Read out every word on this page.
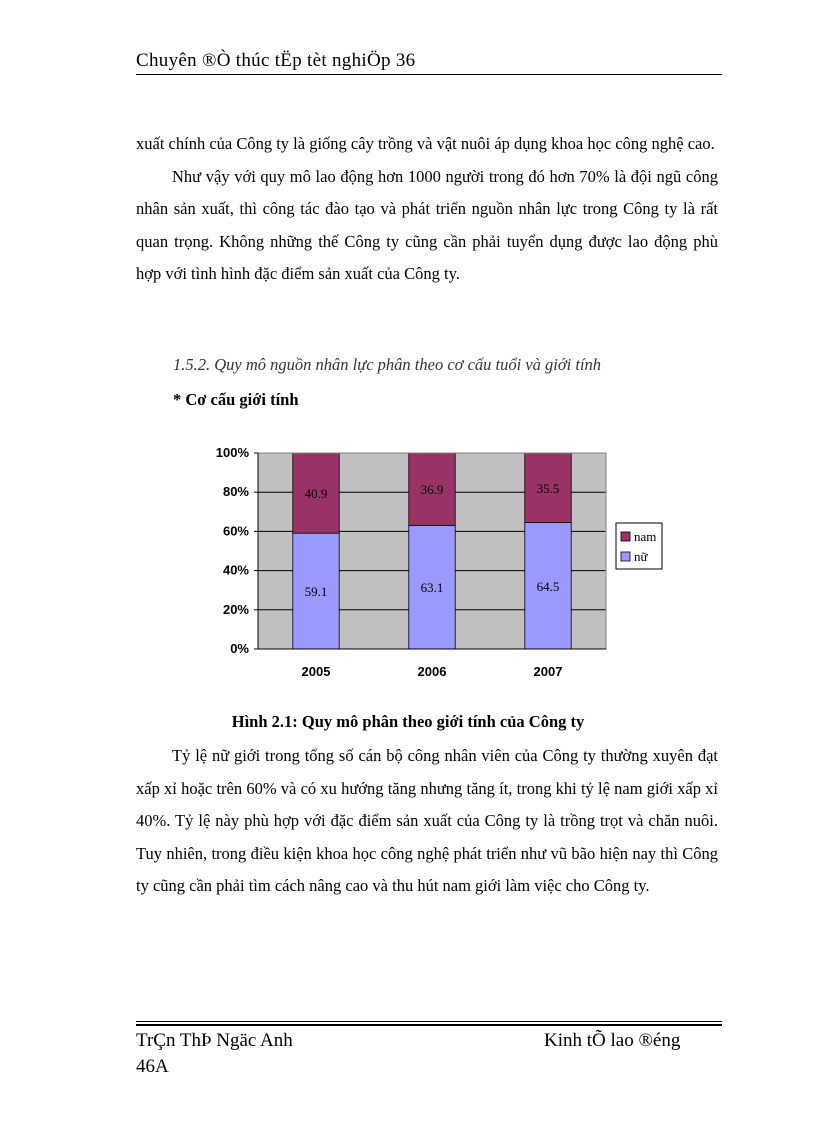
Chuyên ®Ò thúc tËp tèt nghiÖp 36

xuất chính của Công ty là giống cây trồng và vật nuôi áp dụng khoa học công nghệ cao.

Như vậy với quy mô lao động hơn 1000 người trong đó hơn 70% là đội ngũ công nhân sản xuất, thì công tác đào tạo và phát triển nguồn nhân lực trong Công ty là rất quan trọng. Không những thế Công ty cũng cần phải tuyển dụng được lao động phù hợp với tình hình đặc điểm sản xuất của Công ty.

1.5.2. Quy mô nguồn nhân lực phân theo cơ cấu tuổi và giới tính
* Cơ cấu giới tính
59.1
40.9
63.1
36.9
64.5
35.5
0%
20%
40%
60%
80%
100%
2005	2006	2007
nam
nữ
Hình 2.1: Quy mô phân theo giới tính của Công ty

Tỷ lệ nữ giới trong tổng số cán bộ công nhân viên của Công ty thường xuyên đạt xấp xỉ hoặc trên 60% và có xu hướng tăng nhưng tăng ít, trong khi tỷ lệ nam giới xấp xỉ 40%. Tỷ lệ này phù hợp với đặc điểm sản xuất của Công ty là trồng trọt và chăn nuôi. Tuy nhiên, trong điều kiện khoa học công nghệ phát triển như vũ bão hiện nay thì Công ty cũng cần phải tìm cách nâng cao và thu hút nam giới làm việc cho Công ty.

TrÇn ThÞ Ngäc Anh
46A
Kinh tÕ lao ®éng
